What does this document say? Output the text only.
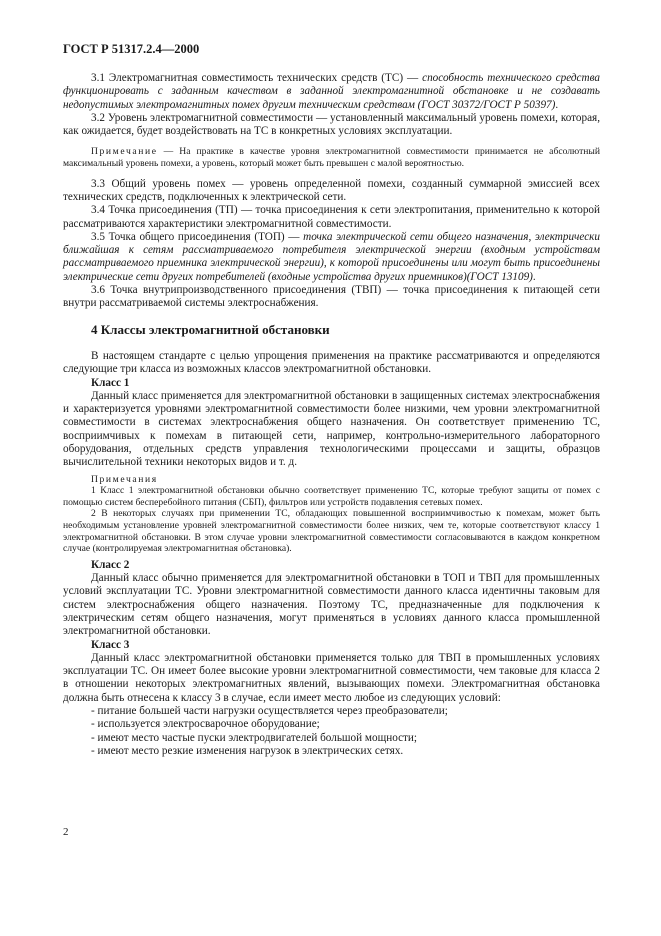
ГОСТ Р 51317.2.4—2000

3.1 Электромагнитная совместимость технических средств (ТС) — способность технического средства функционировать с заданным качеством в заданной электромагнитной обстановке и не создавать недопустимых электромагнитных помех другим техническим средствам (ГОСТ 30372/ГОСТ Р 50397).

3.2 Уровень электромагнитной совместимости — установленный максимальный уровень помехи, которая, как ожидается, будет воздействовать на ТС в конкретных условиях эксплуатации.

Примечание — На практике в качестве уровня электромагнитной совместимости принимается не абсолютный максимальный уровень помехи, а уровень, который может быть превышен с малой вероятностью.

3.3 Общий уровень помех — уровень определенной помехи, созданный суммарной эмиссией всех технических средств, подключенных к электрической сети.

3.4 Точка присоединения (ТП) — точка присоединения к сети электропитания, применительно к которой рассматриваются характеристики электромагнитной совместимости.

3.5 Точка общего присоединения (ТОП) — точка электрической сети общего назначения, электрически ближайшая к сетям рассматриваемого потребителя электрической энергии (входным устройствам рассматриваемого приемника электрической энергии), к которой присоединены или могут быть присоединены электрические сети других потребителей (входные устройства других приемников)(ГОСТ 13109).

3.6 Точка внутрипроизводственного присоединения (ТВП) — точка присоединения к питающей сети внутри рассматриваемой системы электроснабжения.

4 Классы электромагнитной обстановки

В настоящем стандарте с целью упрощения применения на практике рассматриваются и определяются следующие три класса из возможных классов электромагнитной обстановки.

Класс 1

Данный класс применяется для электромагнитной обстановки в защищенных системах электроснабжения и характеризуется уровнями электромагнитной совместимости более низкими, чем уровни электромагнитной совместимости в системах электроснабжения общего назначения. Он соответствует применению ТС, восприимчивых к помехам в питающей сети, например, контрольно-измерительного лабораторного оборудования, отдельных средств управления технологическими процессами и защиты, образцов вычислительной техники некоторых видов и т. д.

Примечания

1 Класс 1 электромагнитной обстановки обычно соответствует применению ТС, которые требуют защиты от помех с помощью систем бесперебойного питания (СБП), фильтров или устройств подавления сетевых помех.

2 В некоторых случаях при применении ТС, обладающих повышенной восприимчивостью к помехам, может быть необходимым установление уровней электромагнитной совместимости более низких, чем те, которые соответствуют классу 1 электромагнитной обстановки. В этом случае уровни электромагнитной совместимости согласовываются в каждом конкретном случае (контролируемая электромагнитная обстановка).

Класс 2

Данный класс обычно применяется для электромагнитной обстановки в ТОП и ТВП для промышленных условий эксплуатации ТС. Уровни электромагнитной совместимости данного класса идентичны таковым для систем электроснабжения общего назначения. Поэтому ТС, предназначенные для подключения к электрическим сетям общего назначения, могут применяться в условиях данного класса промышленной электромагнитной обстановки.

Класс 3

Данный класс электромагнитной обстановки применяется только для ТВП в промышленных условиях эксплуатации ТС. Он имеет более высокие уровни электромагнитной совместимости, чем таковые для класса 2 в отношении некоторых электромагнитных явлений, вызывающих помехи. Электромагнитная обстановка должна быть отнесена к классу 3 в случае, если имеет место любое из следующих условий:

- питание большей части нагрузки осуществляется через преобразователи;
- используется электросварочное оборудование;
- имеют место частые пуски электродвигателей большой мощности;
- имеют место резкие изменения нагрузок в электрических сетях.
2
